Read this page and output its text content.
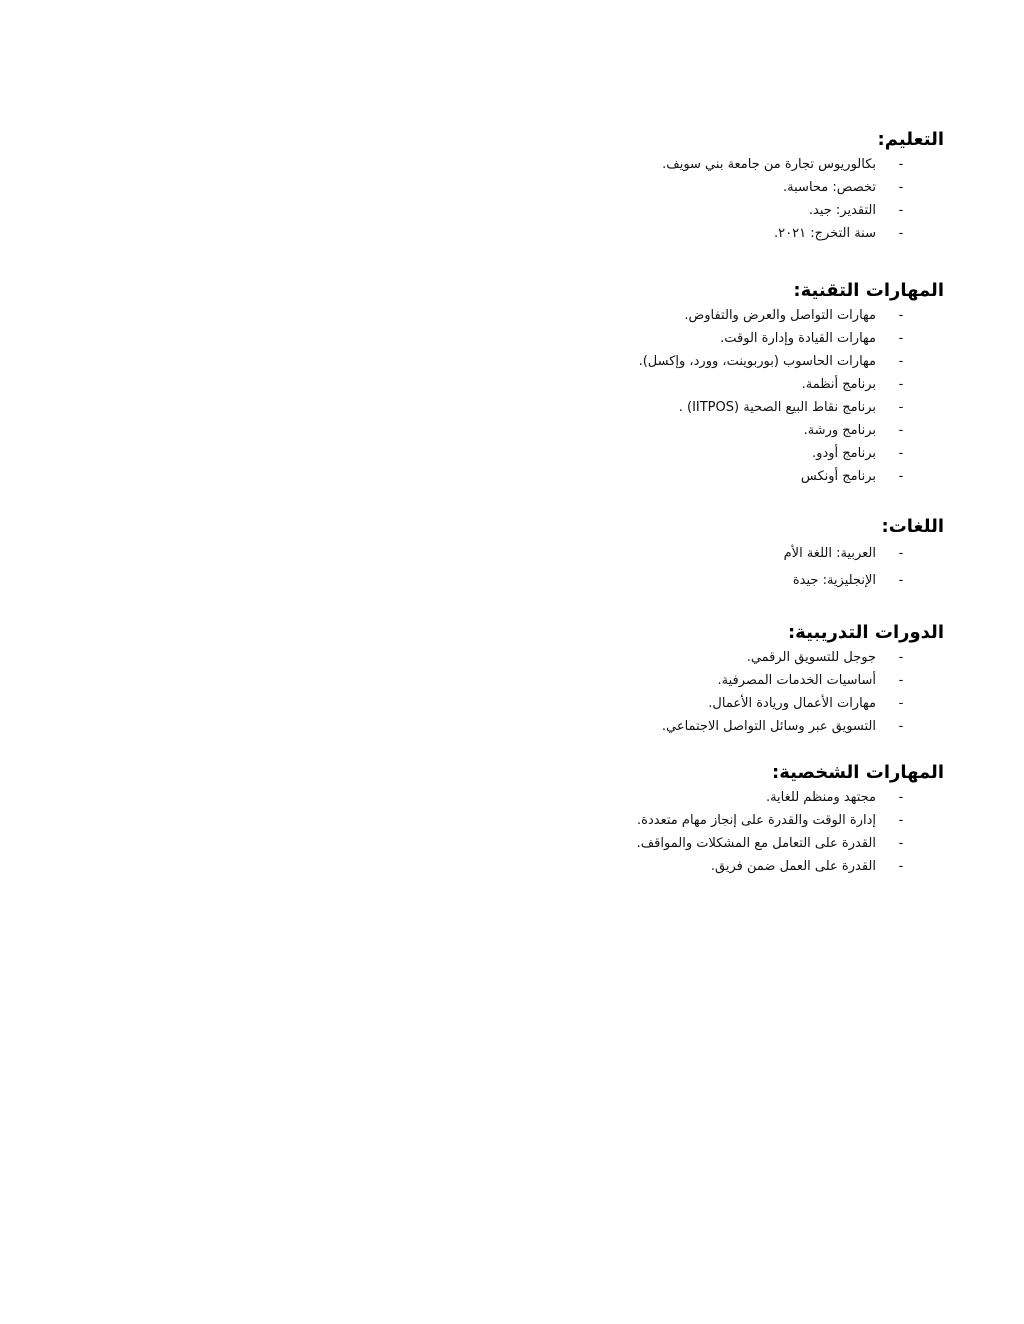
التعليم:
-
بكالوريوس تجارة من جامعة بني سويف.
-
تخصص: محاسبة.
-
التقدير: جيد.
-
سنة التخرج: ٢٠٢١.
المهارات التقنية:
-
مهارات التواصل والعرض والتفاوض.
-
مهارات القيادة وإدارة الوقت.
-
مهارات الحاسوب (بوربوينت، وورد، وإكسل).
-
برنامج أنظمة.
-
برنامج نقاط البيع الصحية (IITPOS) .
-
برنامج ورشة.
-
برنامج أودو.
-
برنامج أونكس
اللغات:
-
العربية: اللغة الأم
-
الإنجليزية: جيدة
الدورات التدريبية:
-
جوجل للتسويق الرقمي.
-
أساسيات الخدمات المصرفية.
-
مهارات الأعمال وريادة الأعمال.
-
التسويق عبر وسائل التواصل الاجتماعي.
المهارات الشخصية:
-
مجتهد ومنظم للغاية.
-
إدارة الوقت والقدرة على إنجاز مهام متعددة.
-
القدرة على التعامل مع المشكلات والمواقف.
-
القدرة على العمل ضمن فريق.
